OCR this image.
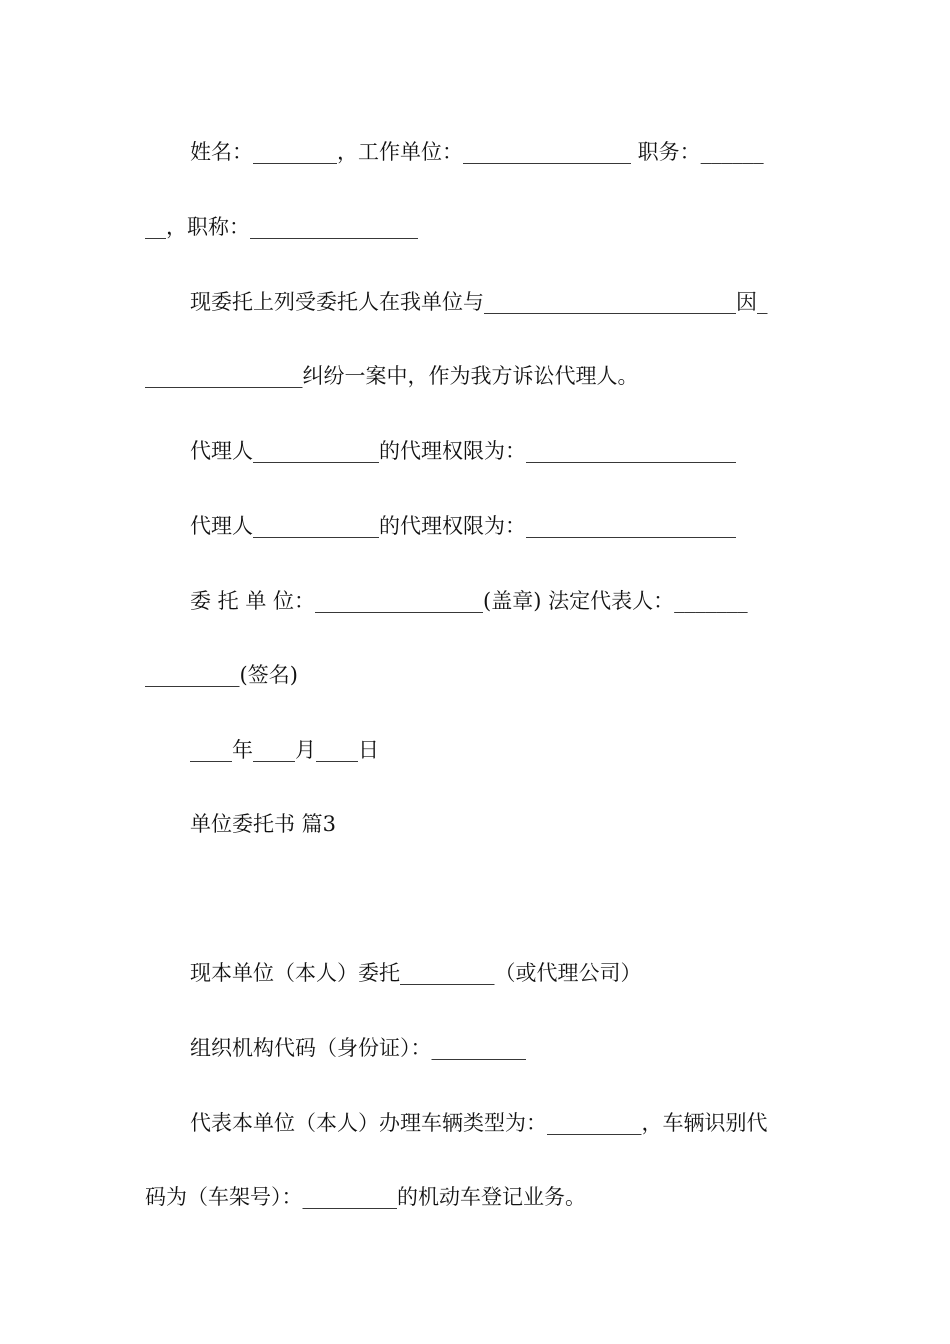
姓名：________，工作单位：________________ 职务：______
__，职称：________________
现委托上列受委托人在我单位与________________________因_
_______________纠纷一案中，作为我方诉讼代理人。
代理人____________的代理权限为：____________________
代理人____________的代理权限为：____________________
委 托 单 位：________________(盖章) 法定代表人：_______
_________(签名)
____年____月____日
单位委托书 篇3
现本单位（本人）委托_________（或代理公司）
组织机构代码（身份证）：_________
代表本单位（本人）办理车辆类型为：_________，车辆识别代
码为（车架号）：_________的机动车登记业务。
